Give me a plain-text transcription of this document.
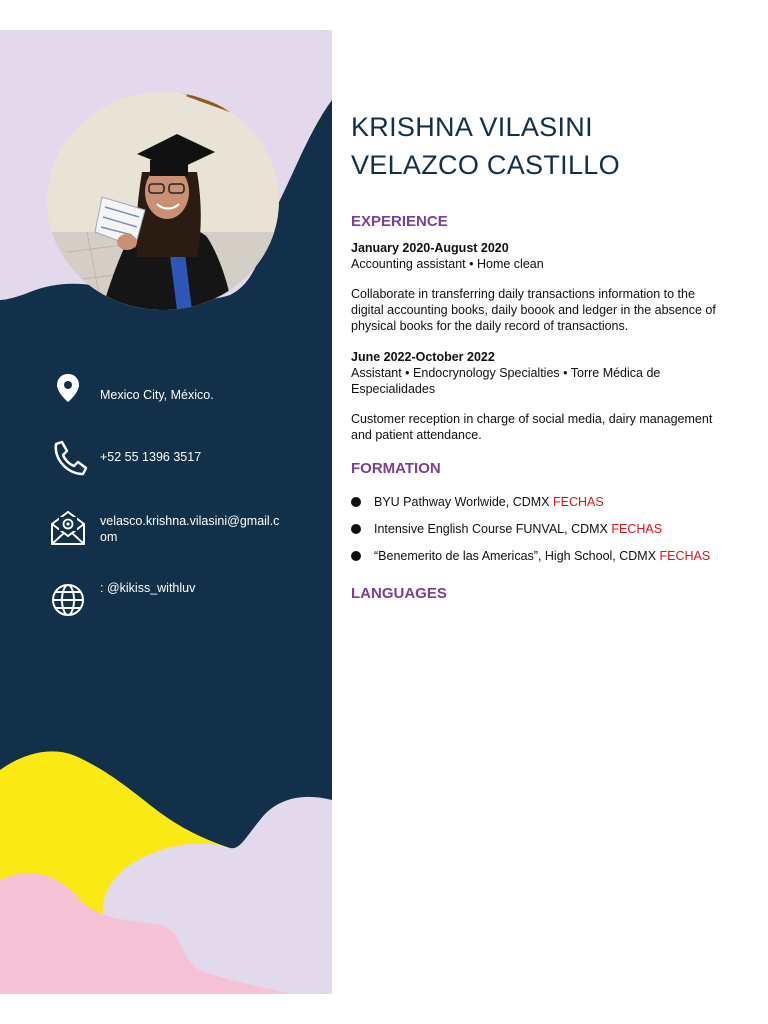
Mexico City, México.
+52 55 1396 3517
velasco.krishna.vilasini@gmail.com
: @kikiss_withluv
KRISHNA VILASINI
VELAZCO CASTILLO
EXPERIENCE
January 2020-August 2020
Accounting assistant • Home clean
Collaborate in transferring daily transactions information to the digital accounting books, daily boook and ledger in the absence of physical books for the daily record of transactions.
June 2022-October 2022
Assistant • Endocrynology Specialties • Torre Médica de Especialidades
Customer reception in charge of social media, dairy management and patient attendance.
FORMATION
BYU Pathway Worlwide, CDMX FECHAS
Intensive English Course FUNVAL, CDMX FECHAS
“Benemerito de las Americas”, High School, CDMX FECHAS
LANGUAGES
